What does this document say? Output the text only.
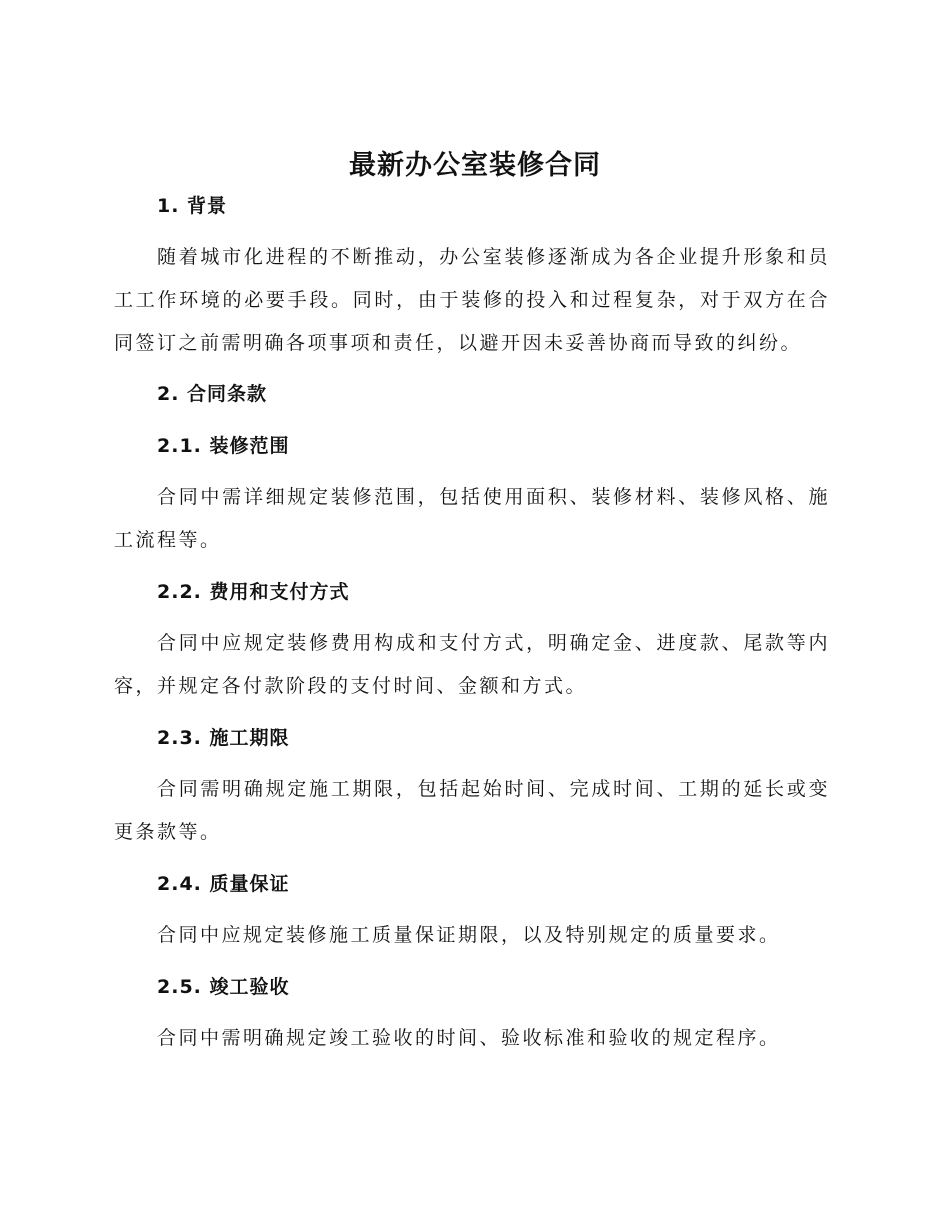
最新办公室装修合同
1. 背景

随着城市化进程的不断推动，办公室装修逐渐成为各企业提升形象和员工工作环境的必要手段。同时，由于装修的投入和过程复杂，对于双方在合同签订之前需明确各项事项和责任，以避开因未妥善协商而导致的纠纷。

2. 合同条款
2.1. 装修范围

合同中需详细规定装修范围，包括使用面积、装修材料、装修风格、施工流程等。

2.2. 费用和支付方式

合同中应规定装修费用构成和支付方式，明确定金、进度款、尾款等内容，并规定各付款阶段的支付时间、金额和方式。

2.3. 施工期限

合同需明确规定施工期限，包括起始时间、完成时间、工期的延长或变更条款等。

2.4. 质量保证

合同中应规定装修施工质量保证期限，以及特别规定的质量要求。

2.5. 竣工验收

合同中需明确规定竣工验收的时间、验收标准和验收的规定程序。
